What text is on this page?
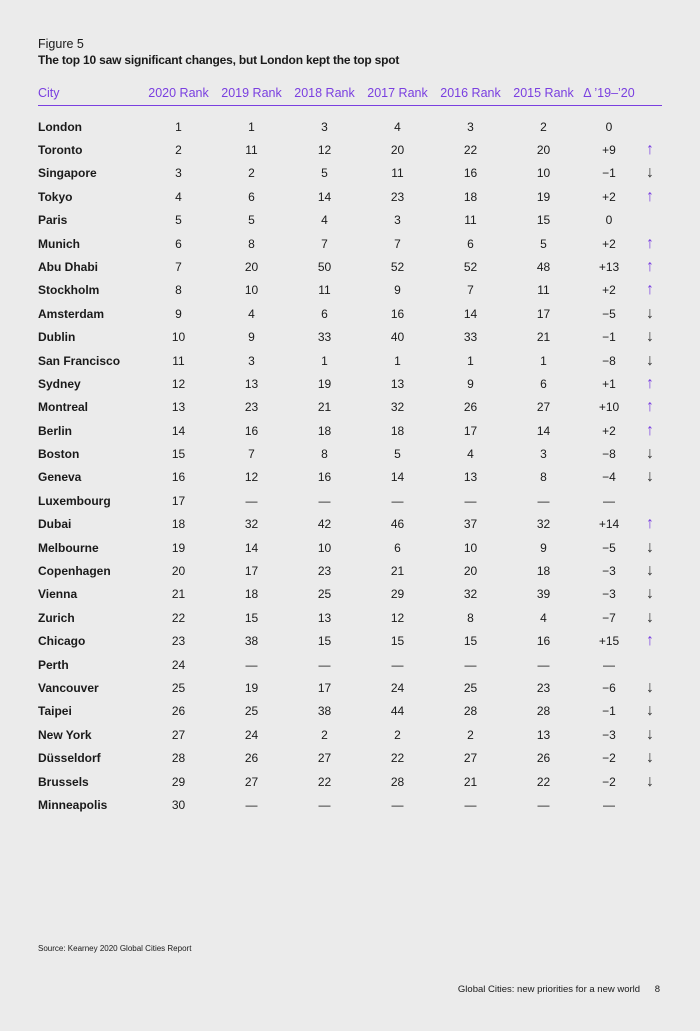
Figure 5
The top 10 saw significant changes, but London kept the top spot
City	2020 Rank	2019 Rank	2018 Rank	2017 Rank	2016 Rank	2015 Rank	Δ ’19–’20	
London	1	1	3	4	3	2	0	
Toronto	2	11	12	20	22	20	+9	↑
Singapore	3	2	5	11	16	10	−1	↓
Tokyo	4	6	14	23	18	19	+2	↑
Paris	5	5	4	3	11	15	0	
Munich	6	8	7	7	6	5	+2	↑
Abu Dhabi	7	20	50	52	52	48	+13	↑
Stockholm	8	10	11	9	7	11	+2	↑
Amsterdam	9	4	6	16	14	17	−5	↓
Dublin	10	9	33	40	33	21	−1	↓
San Francisco	11	3	1	1	1	1	−8	↓
Sydney	12	13	19	13	9	6	+1	↑
Montreal	13	23	21	32	26	27	+10	↑
Berlin	14	16	18	18	17	14	+2	↑
Boston	15	7	8	5	4	3	−8	↓
Geneva	16	12	16	14	13	8	−4	↓
Luxembourg	17	—	—	—	—	—	—	
Dubai	18	32	42	46	37	32	+14	↑
Melbourne	19	14	10	6	10	9	−5	↓
Copenhagen	20	17	23	21	20	18	−3	↓
Vienna	21	18	25	29	32	39	−3	↓
Zurich	22	15	13	12	8	4	−7	↓
Chicago	23	38	15	15	15	16	+15	↑
Perth	24	—	—	—	—	—	—	
Vancouver	25	19	17	24	25	23	−6	↓
Taipei	26	25	38	44	28	28	−1	↓
New York	27	24	2	2	2	13	−3	↓
Düsseldorf	28	26	27	22	27	26	−2	↓
Brussels	29	27	22	28	21	22	−2	↓
Minneapolis	30	—	—	—	—	—	—	
Source: Kearney 2020 Global Cities Report
Global Cities: new priorities for a new world 8
